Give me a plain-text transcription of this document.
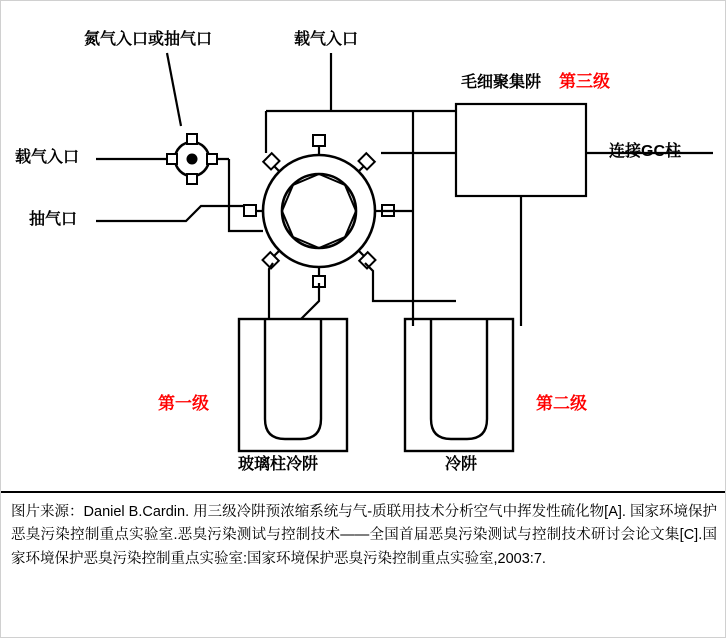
氮气入口或抽气口	载气入口
载气入口
抽气口
毛细聚集阱 第三级
连接GC柱
第一级	第二级
玻璃柱冷阱	冷阱

图片来源：Daniel B.Cardin. 用三级冷阱预浓缩系统与气-质联用技术分析空气中挥发性硫化物[A]. 国家环境保护恶臭污染控制重点实验室.恶臭污染测试与控制技术——全国首届恶臭污染测试与控制技术研讨会论文集[C].国家环境保护恶臭污染控制重点实验室:国家环境保护恶臭污染控制重点实验室,2003:7.
